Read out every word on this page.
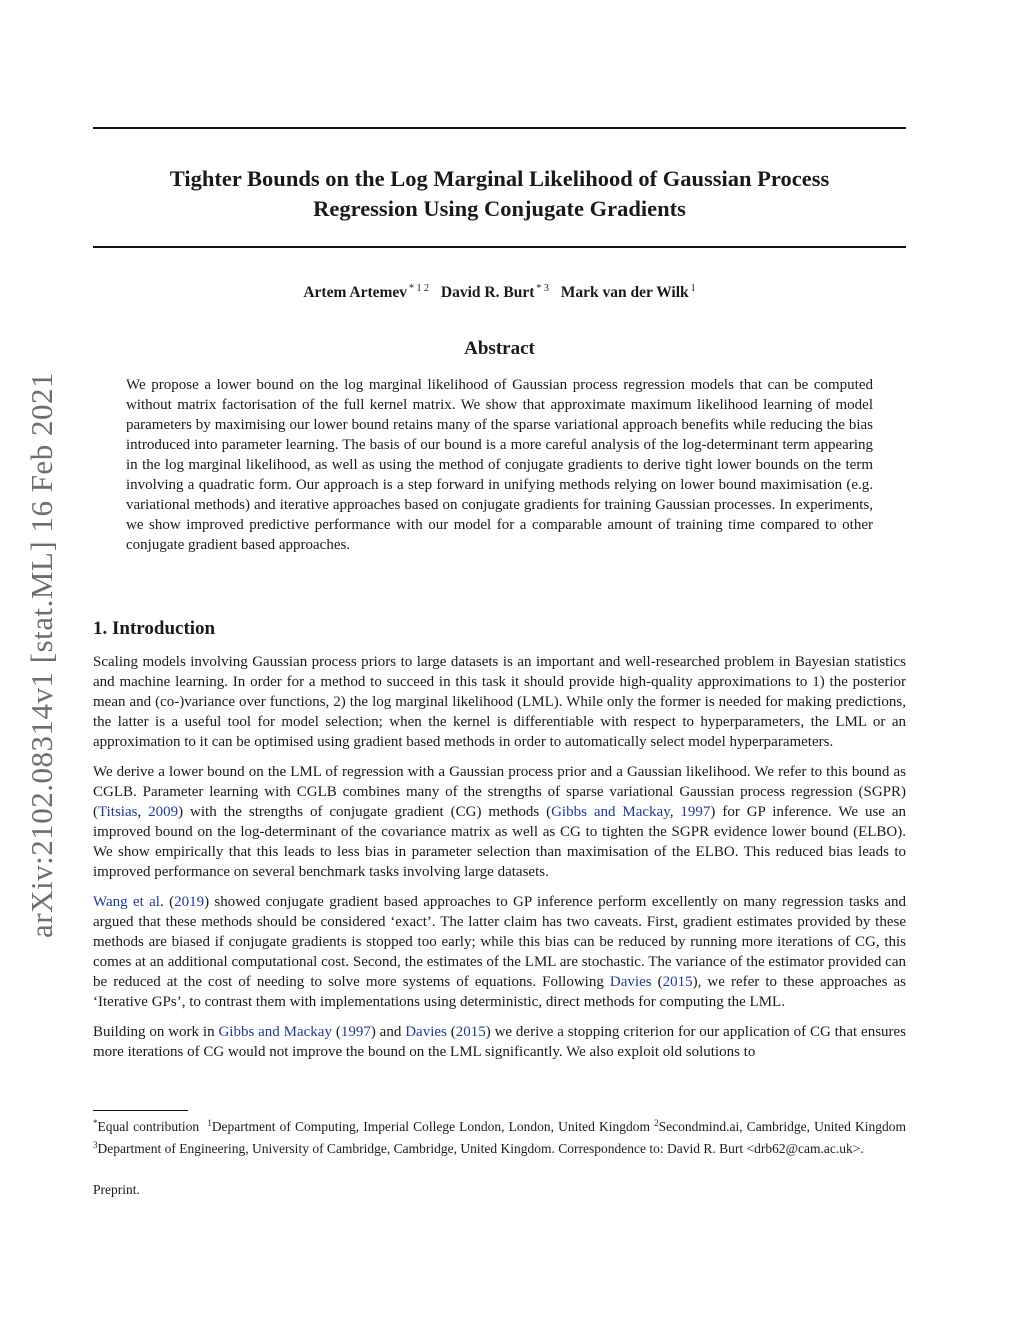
arXiv:2102.08314v1 [stat.ML] 16 Feb 2021
Tighter Bounds on the Log Marginal Likelihood of Gaussian Process
Regression Using Conjugate Gradients
Artem Artemev $^{* 1 2}$ David R. Burt $^{* 3}$ Mark van der Wilk $^1$
Abstract

We propose a lower bound on the log marginal likelihood of Gaussian process regression models that can be computed without matrix factorisation of the full kernel matrix. We show that approximate maximum likelihood learning of model parameters by maximising our lower bound retains many of the sparse variational approach benefits while reducing the bias introduced into parameter learning. The basis of our bound is a more careful analysis of the log-determinant term appearing in the log marginal likelihood, as well as using the method of conjugate gradients to derive tight lower bounds on the term involving a quadratic form. Our approach is a step forward in unifying methods relying on lower bound maximisation (e.g. variational methods) and iterative approaches based on conjugate gradients for training Gaussian processes. In experiments, we show improved predictive performance with our model for a comparable amount of training time compared to other conjugate gradient based approaches.

1. Introduction

Scaling models involving Gaussian process priors to large datasets is an important and well-researched problem in Bayesian statistics and machine learning. In order for a method to succeed in this task it should provide high-quality approximations to 1) the posterior mean and (co-)variance over functions, 2) the log marginal likelihood (LML). While only the former is needed for making predictions, the latter is a useful tool for model selection; when the kernel is differentiable with respect to hyperparameters, the LML or an approximation to it can be optimised using gradient based methods in order to automatically select model hyperparameters.

We derive a lower bound on the LML of regression with a Gaussian process prior and a Gaussian likelihood. We refer to this bound as CGLB. Parameter learning with CGLB combines many of the strengths of sparse variational Gaussian process regression (SGPR) (Titsias, 2009) with the strengths of conjugate gradient (CG) methods (Gibbs and Mackay, 1997) for GP inference. We use an improved bound on the log-determinant of the covariance matrix as well as CG to tighten the SGPR evidence lower bound (ELBO). We show empirically that this leads to less bias in parameter selection than maximisation of the ELBO. This reduced bias leads to improved performance on several benchmark tasks involving large datasets.

Wang et al. (2019) showed conjugate gradient based approaches to GP inference perform excellently on many regression tasks and argued that these methods should be considered ‘exact’. The latter claim has two caveats. First, gradient estimates provided by these methods are biased if conjugate gradients is stopped too early; while this bias can be reduced by running more iterations of CG, this comes at an additional computational cost. Second, the estimates of the LML are stochastic. The variance of the estimator provided can be reduced at the cost of needing to solve more systems of equations. Following Davies (2015), we refer to these approaches as ‘Iterative GPs’, to contrast them with implementations using deterministic, direct methods for computing the LML.

Building on work in Gibbs and Mackay (1997) and Davies (2015) we derive a stopping criterion for our application of CG that ensures more iterations of CG would not improve the bound on the LML significantly. We also exploit old solutions to

*Equal contribution $^1$Department of Computing, Imperial College London, London, United Kingdom $^2$Secondmind.ai, Cambridge, United Kingdom $^3$Department of Engineering, University of Cambridge, Cambridge, United Kingdom. Correspondence to: David R. Burt <drb62@cam.ac.uk>.

Preprint.
